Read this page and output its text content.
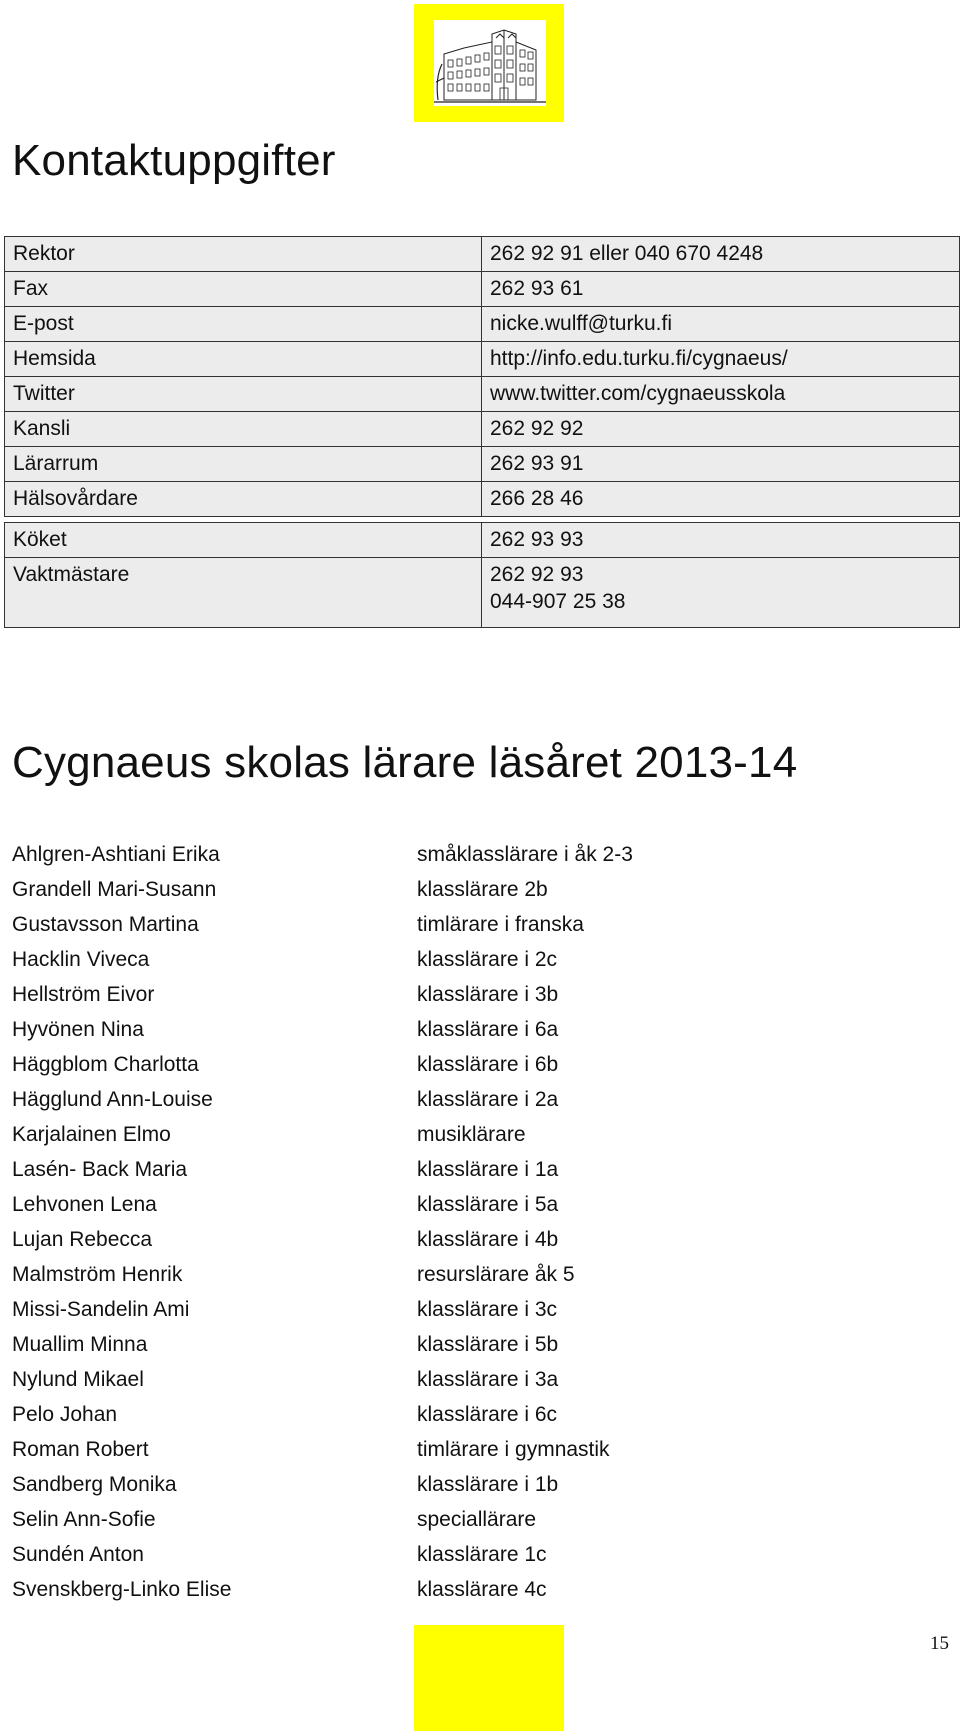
Kontaktuppgifter
Rektor	262 92 91 eller 040 670 4248
Fax	262 93 61
E-post	nicke.wulff@turku.fi
Hemsida	http://info.edu.turku.fi/cygnaeus/
Twitter	www.twitter.com/cygnaeusskola
Kansli	262 92 92
Lärarrum	262 93 91
Hälsovårdare	266 28 46

Köket	262 93 93
Vaktmästare	262 92 93
044-907 25 38
Cygnaeus skolas lärare läsåret 2013-14
Ahlgren-Ashtiani Erika	småklasslärare i åk 2-3
Grandell Mari-Susann	klasslärare 2b
Gustavsson Martina	timlärare i franska
Hacklin Viveca	klasslärare i 2c
Hellström Eivor	klasslärare i 3b
Hyvönen Nina	klasslärare i 6a
Häggblom Charlotta	klasslärare i 6b
Hägglund Ann-Louise	klasslärare i 2a
Karjalainen Elmo	musiklärare
Lasén- Back Maria	klasslärare i 1a
Lehvonen Lena	klasslärare i 5a
Lujan Rebecca	klasslärare i 4b
Malmström Henrik	resurslärare åk 5
Missi-Sandelin Ami	klasslärare i 3c
Muallim Minna	klasslärare i 5b
Nylund Mikael	klasslärare i 3a
Pelo Johan	klasslärare i 6c
Roman Robert	timlärare i gymnastik
Sandberg Monika	klasslärare i 1b
Selin Ann-Sofie	speciallärare
Sundén Anton	klasslärare 1c
Svenskberg-Linko Elise	klasslärare 4c
15
